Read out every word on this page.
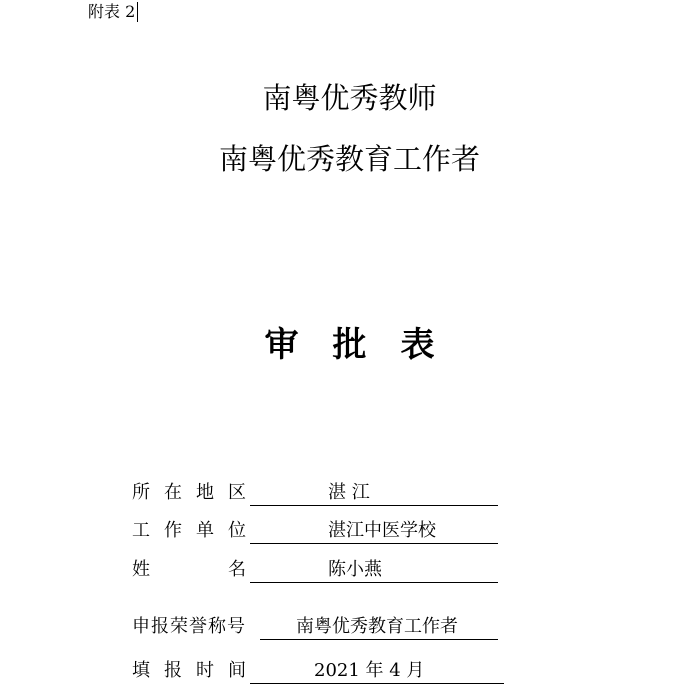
附表 2
南粤优秀教师
南粤优秀教育工作者
审批表
所在地区	湛 江
工作单位	湛江中医学校
姓　　名	陈小燕
申报荣誉称号	南粤优秀教育工作者
填报时间	2021 年 4 月
